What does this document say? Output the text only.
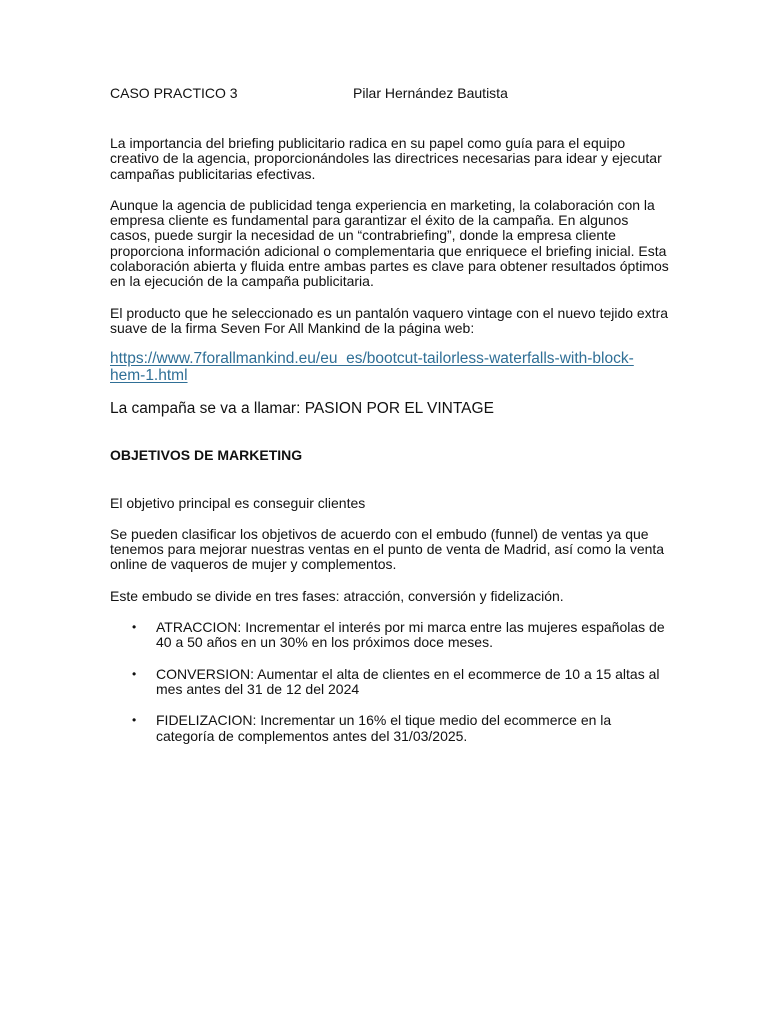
CASO PRACTICO 3	Pilar Hernández Bautista

La importancia del briefing publicitario radica en su papel como guía para el equipo creativo de la agencia, proporcionándoles las directrices necesarias para idear y ejecutar campañas publicitarias efectivas.

Aunque la agencia de publicidad tenga experiencia en marketing, la colaboración con la empresa cliente es fundamental para garantizar el éxito de la campaña. En algunos casos, puede surgir la necesidad de un “contrabriefing”, donde la empresa cliente proporciona información adicional o complementaria que enriquece el briefing inicial. Esta colaboración abierta y fluida entre ambas partes es clave para obtener resultados óptimos en la ejecución de la campaña publicitaria.

El producto que he seleccionado es un pantalón vaquero vintage con el nuevo tejido extra suave de la firma Seven For All Mankind de la página web:

https://www.7forallmankind.eu/eu_es/bootcut-tailorless-waterfalls-with-block-hem-1.html

La campaña se va a llamar: PASION POR EL VINTAGE

OBJETIVOS DE MARKETING

El objetivo principal es conseguir clientes

Se pueden clasificar los objetivos de acuerdo con el embudo (funnel) de ventas ya que tenemos para mejorar nuestras ventas en el punto de venta de Madrid, así como la venta online de vaqueros de mujer y complementos.

Este embudo se divide en tres fases: atracción, conversión y fidelización.

• ATRACCION: Incrementar el interés por mi marca entre las mujeres españolas de 40 a 50 años en un 30% en los próximos doce meses.
• CONVERSION: Aumentar el alta de clientes en el ecommerce de 10 a 15 altas al mes antes del 31 de 12 del 2024
• FIDELIZACION: Incrementar un 16% el tique medio del ecommerce en la categoría de complementos antes del 31/03/2025.
